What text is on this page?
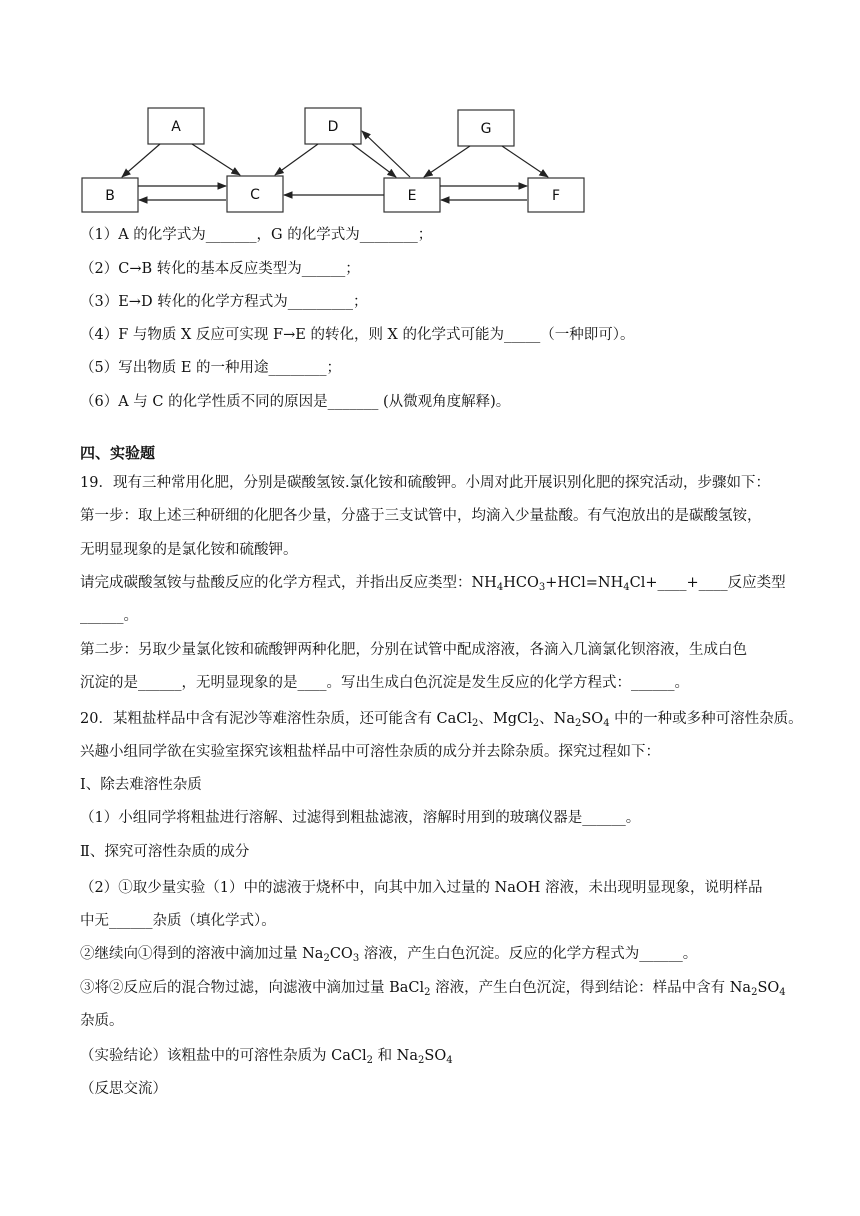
A
B	C
D
E
G
F
（1）A 的化学式为_______，G 的化学式为________；
（2）C→B 转化的基本反应类型为______；
（3）E→D 转化的化学方程式为_________；
（4）F 与物质 X 反应可实现 F→E 的转化，则 X 的化学式可能为_____（一种即可）。
（5）写出物质 E 的一种用途________；
（6）A 与 C 的化学性质不同的原因是_______ (从微观角度解释)。
四、实验题
19．现有三种常用化肥，分别是碳酸氢铵.氯化铵和硫酸钾。小周对此开展识别化肥的探究活动，步骤如下：
第一步：取上述三种研细的化肥各少量，分盛于三支试管中，均滴入少量盐酸。有气泡放出的是碳酸氢铵，
无明显现象的是氯化铵和硫酸钾。
请完成碳酸氢铵与盐酸反应的化学方程式，并指出反应类型：$NH_4HCO_3+HCl=NH_4Cl+\_\_\_\_+\_\_\_\_$反应类型
______。
第二步：另取少量氯化铵和硫酸钾两种化肥，分别在试管中配成溶液，各滴入几滴氯化钡溶液，生成白色
沉淀的是______，无明显现象的是____。写出生成白色沉淀是发生反应的化学方程式：______。
20．某粗盐样品中含有泥沙等难溶性杂质，还可能含有 CaCl$_2$、MgCl$_2$、$Na_2SO_4$ 中的一种或多种可溶性杂质。
兴趣小组同学欲在实验室探究该粗盐样品中可溶性杂质的成分并去除杂质。探究过程如下：
Ⅰ、除去难溶性杂质
（1）小组同学将粗盐进行溶解、过滤得到粗盐滤液，溶解时用到的玻璃仪器是______。
Ⅱ、探究可溶性杂质的成分
（2）①取少量实验（1）中的滤液于烧杯中，向其中加入过量的 NaOH 溶液，未出现明显现象，说明样品
中无______杂质（填化学式）。
②继续向①得到的溶液中滴加过量 $Na_2CO_3$ 溶液，产生白色沉淀。反应的化学方程式为______。
③将②反应后的混合物过滤，向滤液中滴加过量 BaCl$_2$ 溶液，产生白色沉淀，得到结论：样品中含有 $Na_2SO_4$
杂质。
（实验结论）该粗盐中的可溶性杂质为 CaCl$_2$ 和 $Na_2SO_4$
（反思交流）
